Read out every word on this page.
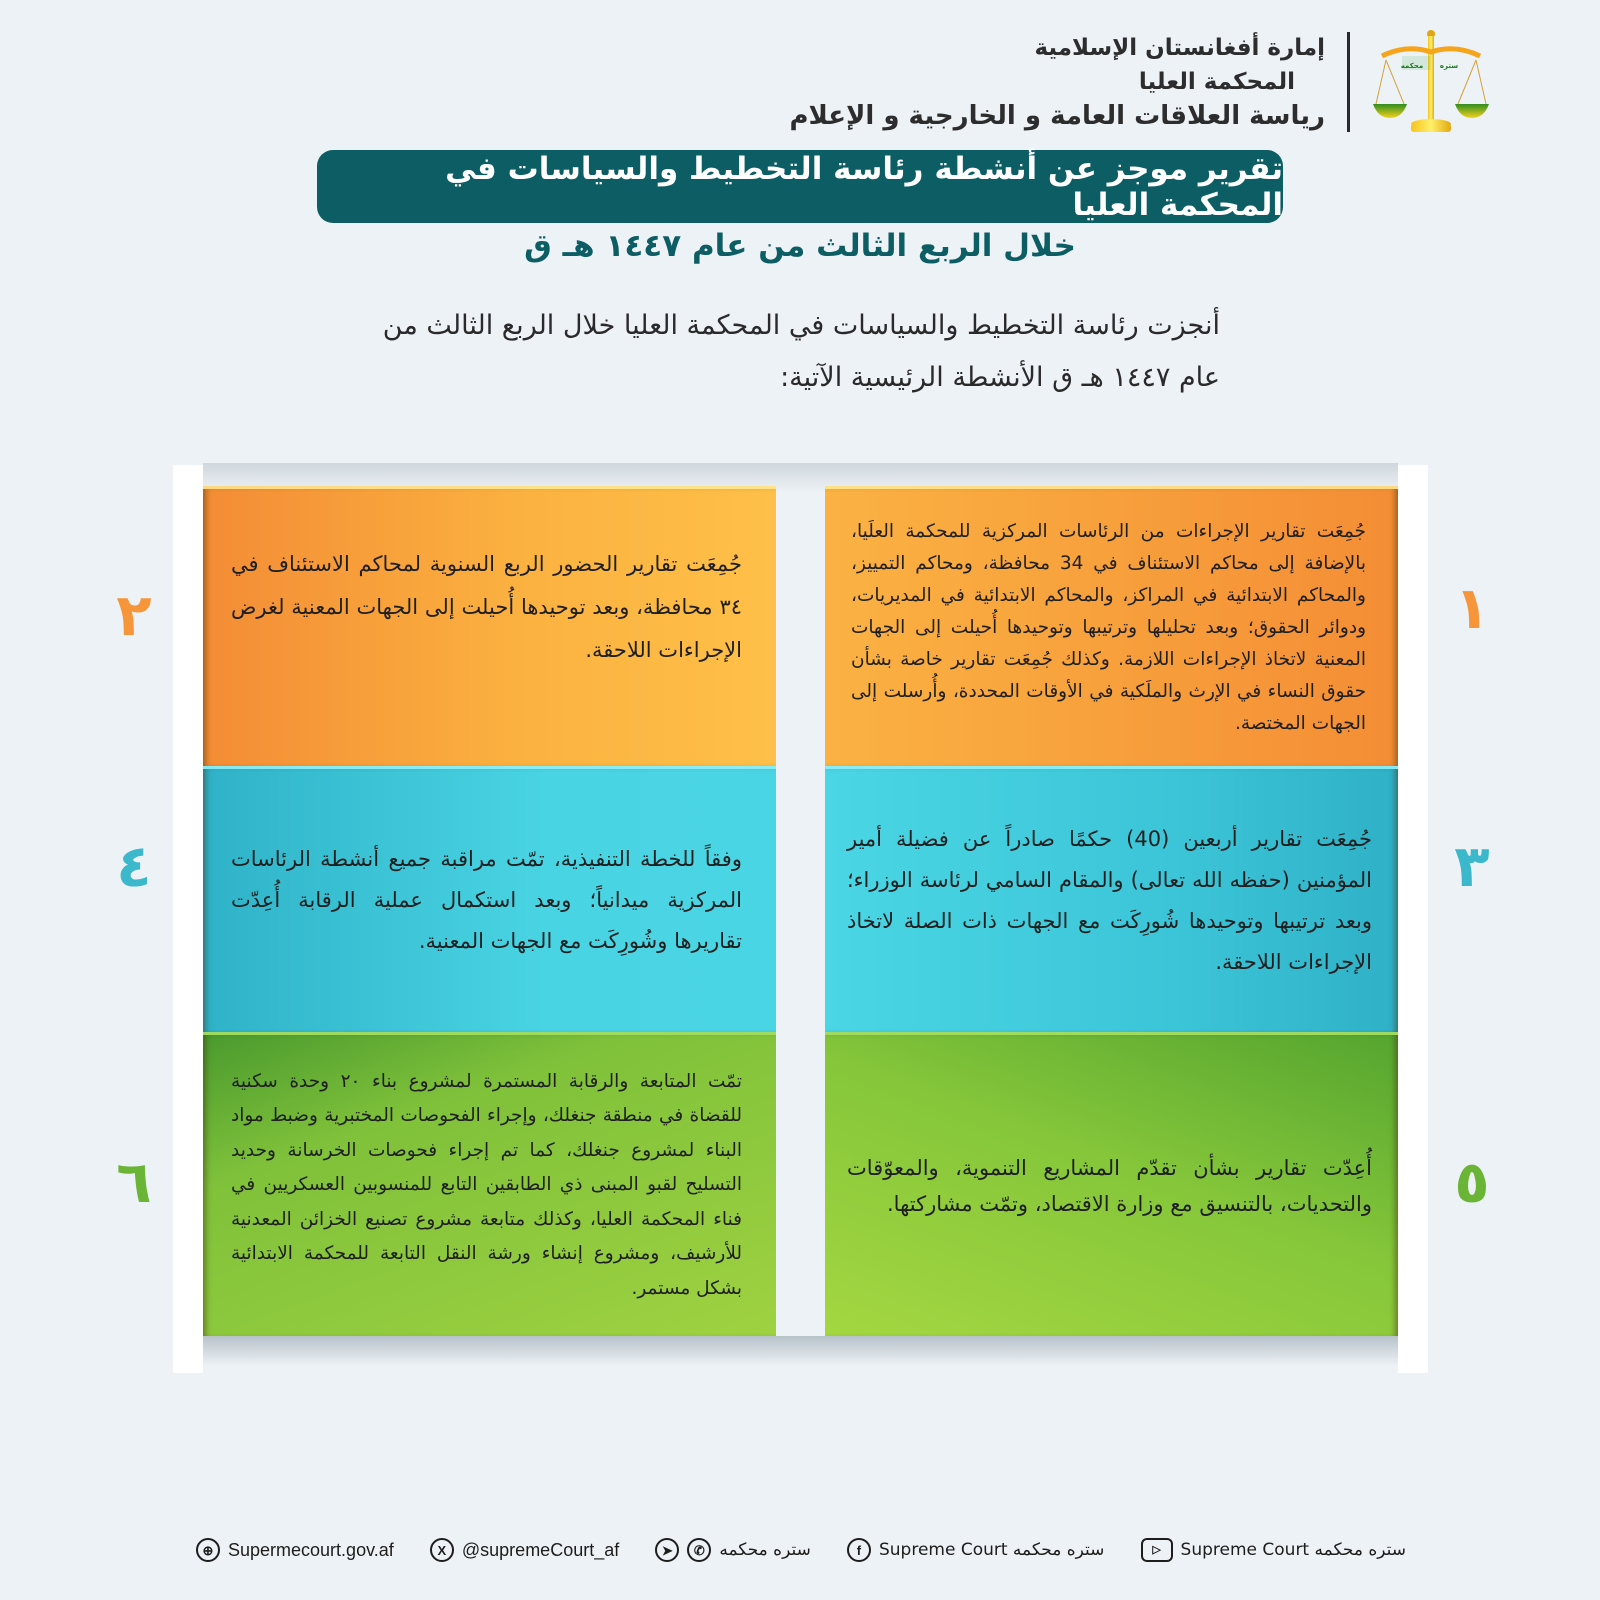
محكمه ستره
إمارة أفغانستان الإسلامية
المحكمة العليا
رياسة العلاقات العامة و الخارجية و الإعلام
تقرير موجز عن أنشطة رئاسة التخطيط والسياسات في المحكمة العليا
خلال الربع الثالث من عام ١٤٤٧ هـ ق
أنجزت رئاسة التخطيط والسياسات في المحكمة العليا خلال الربع الثالث من عام ١٤٤٧ هـ ق الأنشطة الرئيسية الآتية:

جُمِعَت تقارير الإجراءات من الرئاسات المركزية للمحكمة العلَيا، بالإضافة إلى محاكم الاستئناف في 34 محافظة، ومحاكم التمييز، والمحاكم الابتدائية في المراكز، والمحاكم الابتدائية في المديريات، ودوائر الحقوق؛ وبعد تحليلها وترتيبها وتوحيدها أُحيلت إلى الجهات المعنية لاتخاذ الإجراءات اللازمة. وكذلك جُمِعَت تقارير خاصة بشأن حقوق النساء في الإرث والملَكية في الأوقات المحددة، وأُرسلت إلى الجهات المختصة.

جُمِعَت تقارير أربعين (40) حكمًا صادراً عن فضيلة أمير المؤمنين (حفظه الله تعالى) والمقام السامي لرئاسة الوزراء؛ وبعد ترتيبها وتوحيدها شُورِكَت مع الجهات ذات الصلة لاتخاذ الإجراءات اللاحقة.

أُعِدّت تقارير بشأن تقدّم المشاريع التنموية، والمعوّقات والتحديات، بالتنسيق مع وزارة الاقتصاد، وتمّت مشاركتها.

جُمِعَت تقارير الحضور الربع السنوية لمحاكم الاستئناف في ٣٤ محافظة، وبعد توحيدها أُحيلت إلى الجهات المعنية لغرض الإجراءات اللاحقة.

وفقاً للخطة التنفيذية، تمّت مراقبة جميع أنشطة الرئاسات المركزية ميدانياً؛ وبعد استكمال عملية الرقابة أُعِدّت تقاريرها وشُورِكَت مع الجهات المعنية.

تمّت المتابعة والرقابة المستمرة لمشروع بناء ٢٠ وحدة سكنية للقضاة في منطقة جنغلك، وإجراء الفحوصات المختبرية وضبط مواد البناء لمشروع جنغلك، كما تم إجراء فحوصات الخرسانة وحديد التسليح لقبو المبنى ذي الطابقين التابع للمنسوبين العسكريين في فناء المحكمة العليا، وكذلك متابعة مشروع تصنيع الخزائن المعدنية للأرشيف، ومشروع إنشاء ورشة النقل التابعة للمحكمة الابتدائية بشكل مستمر.

١
٢
٣
٤
٥
٦
⊕ Supermecourt.gov.af	X @supremeCourt_af	➤	✆ ستره محکمه	f	ستره محکمه Supreme Court	▷	ستره محکمه Supreme Court
